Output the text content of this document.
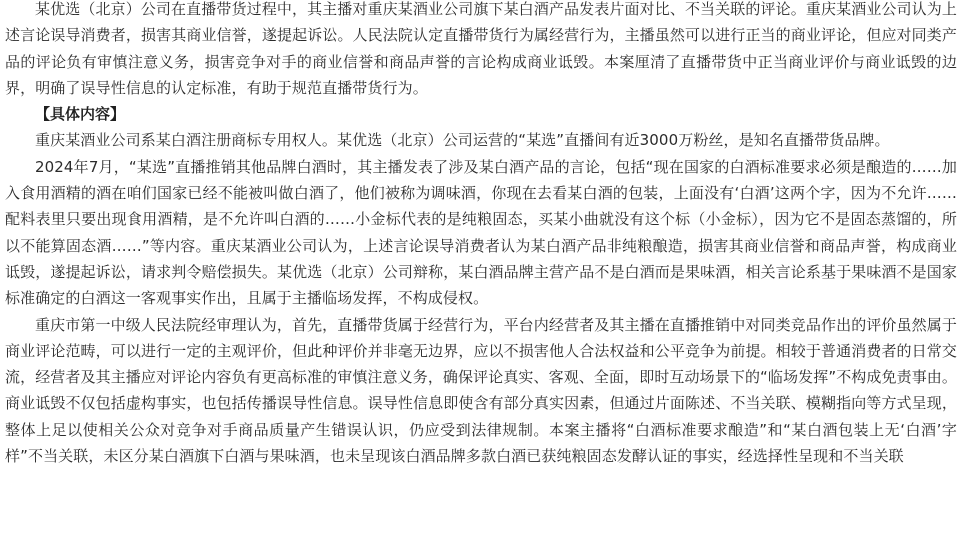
某优选（北京）公司在直播带货过程中，其主播对重庆某酒业公司旗下某白酒产品发表片面对比、不当关联的评论。重庆某酒业公司认为上述言论误导消费者，损害其商业信誉，遂提起诉讼。人民法院认定直播带货行为属经营行为，主播虽然可以进行正当的商业评论，但应对同类产品的评论负有审慎注意义务，损害竞争对手的商业信誉和商品声誉的言论构成商业诋毁。本案厘清了直播带货中正当商业评价与商业诋毁的边界，明确了误导性信息的认定标准，有助于规范直播带货行为。

【具体内容】

重庆某酒业公司系某白酒注册商标专用权人。某优选（北京）公司运营的“某选”直播间有近3000万粉丝，是知名直播带货品牌。

2024年7月，“某选”直播推销其他品牌白酒时，其主播发表了涉及某白酒产品的言论，包括“现在国家的白酒标准要求必须是酿造的……加入食用酒精的酒在咱们国家已经不能被叫做白酒了，他们被称为调味酒，你现在去看某白酒的包装，上面没有‘白酒’这两个字，因为不允许……配料表里只要出现食用酒精，是不允许叫白酒的……小金标代表的是纯粮固态，买某小曲就没有这个标（小金标），因为它不是固态蒸馏的，所以不能算固态酒……”等内容。重庆某酒业公司认为，上述言论误导消费者认为某白酒产品非纯粮酿造，损害其商业信誉和商品声誉，构成商业诋毁，遂提起诉讼，请求判令赔偿损失。某优选（北京）公司辩称，某白酒品牌主营产品不是白酒而是果味酒，相关言论系基于果味酒不是国家标准确定的白酒这一客观事实作出，且属于主播临场发挥，不构成侵权。

重庆市第一中级人民法院经审理认为，首先，直播带货属于经营行为，平台内经营者及其主播在直播推销中对同类竞品作出的评价虽然属于商业评论范畴，可以进行一定的主观评价，但此种评价并非毫无边界，应以不损害他人合法权益和公平竞争为前提。相较于普通消费者的日常交流，经营者及其主播应对评论内容负有更高标准的审慎注意义务，确保评论真实、客观、全面，即时互动场景下的“临场发挥”不构成免责事由。商业诋毁不仅包括虚构事实，也包括传播误导性信息。误导性信息即使含有部分真实因素，但通过片面陈述、不当关联、模糊指向等方式呈现，整体上足以使相关公众对竞争对手商品质量产生错误认识，仍应受到法律规制。本案主播将“白酒标准要求酿造”和“某白酒包装上无‘白酒’字样”不当关联，未区分某白酒旗下白酒与果味酒，也未呈现该白酒品牌多款白酒已获纯粮固态发酵认证的事实，经选择性呈现和不当关联
